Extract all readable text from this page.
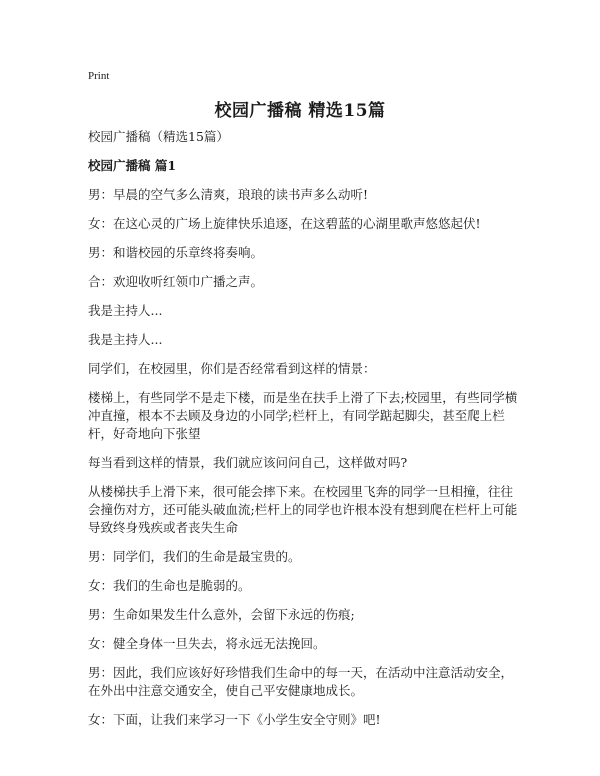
Print
校园广播稿 精选15篇

校园广播稿（精选15篇）

校园广播稿 篇1

男：早晨的空气多么清爽，琅琅的读书声多么动听!

女：在这心灵的广场上旋律快乐追逐，在这碧蓝的心湖里歌声悠悠起伏!

男：和谐校园的乐章终将奏响。

合：欢迎收听红领巾广播之声。

我是主持人...

我是主持人...

同学们，在校园里，你们是否经常看到这样的情景：

楼梯上，有些同学不是走下楼，而是坐在扶手上滑了下去;校园里，有些同学横冲直撞，根本不去顾及身边的小同学;栏杆上，有同学踮起脚尖，甚至爬上栏杆，好奇地向下张望

每当看到这样的情景，我们就应该问问自己，这样做对吗?

从楼梯扶手上滑下来，很可能会摔下来。在校园里飞奔的同学一旦相撞，往往会撞伤对方，还可能头破血流;栏杆上的同学也许根本没有想到爬在栏杆上可能导致终身残疾或者丧失生命

男：同学们，我们的生命是最宝贵的。

女：我们的生命也是脆弱的。

男：生命如果发生什么意外，会留下永远的伤痕;

女：健全身体一旦失去，将永远无法挽回。

男：因此，我们应该好好珍惜我们生命中的每一天，在活动中注意活动安全，在外出中注意交通安全，使自己平安健康地成长。

女：下面，让我们来学习一下《小学生安全守则》吧!
